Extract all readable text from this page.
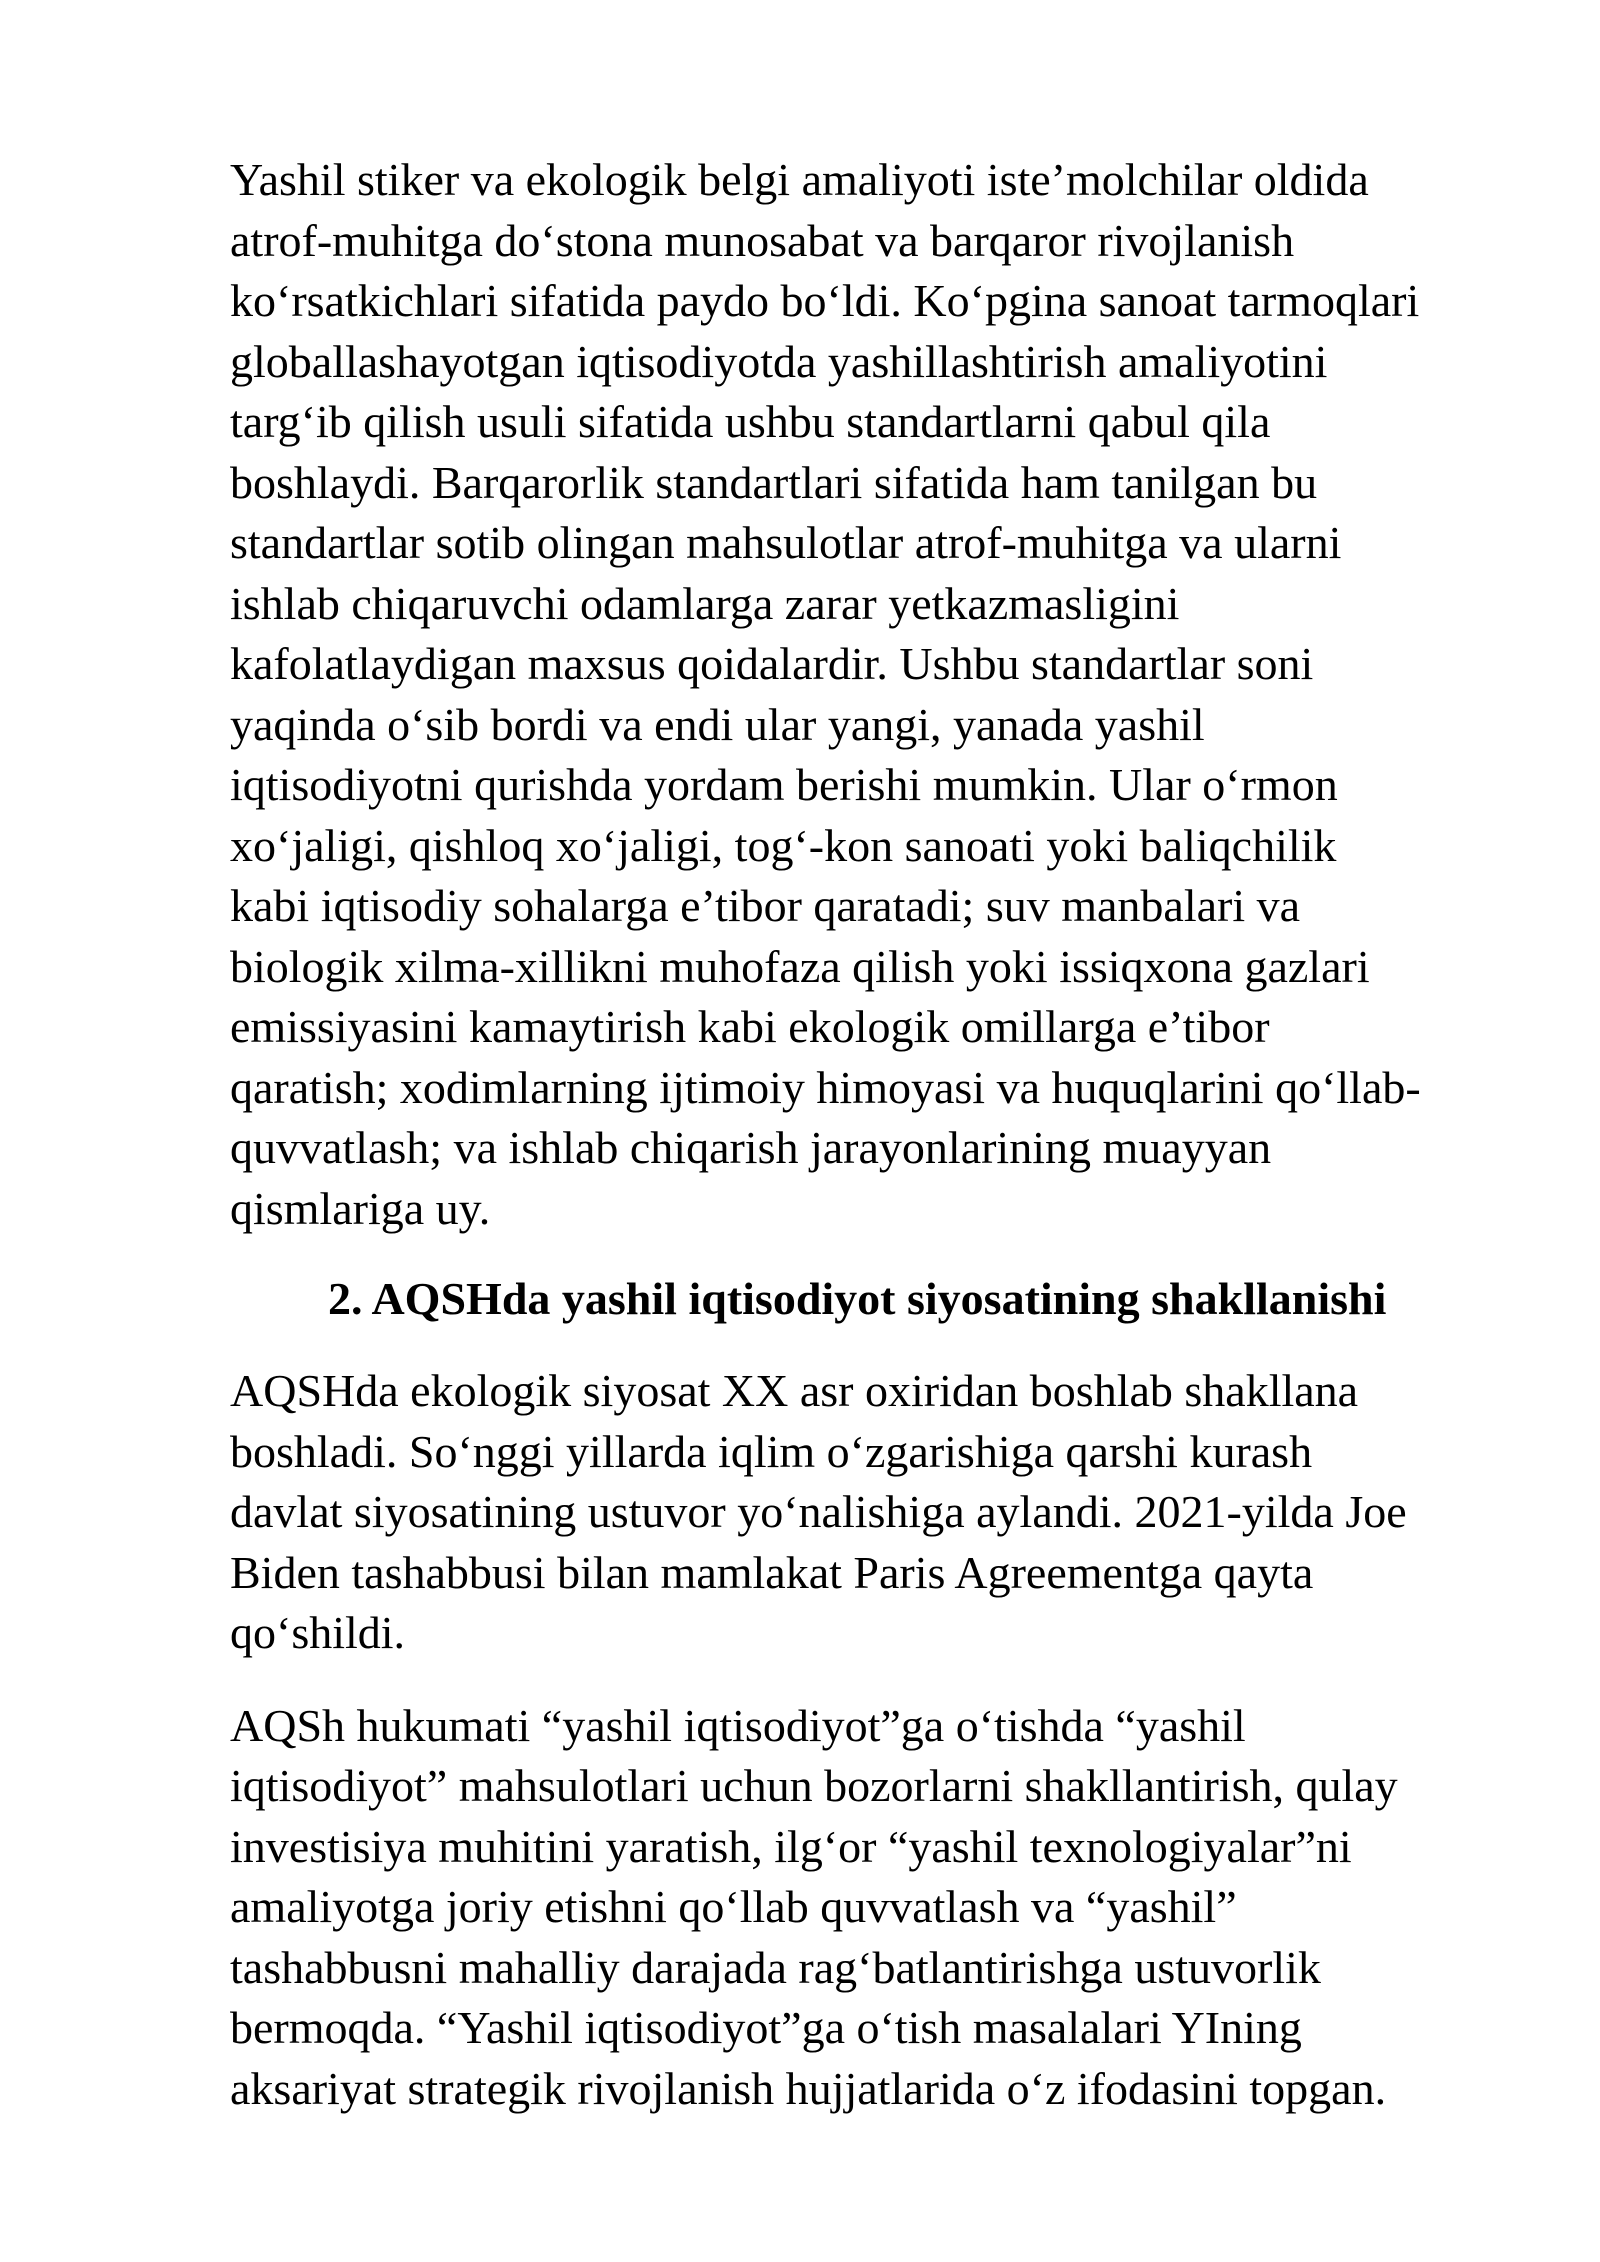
Yashil stiker va ekologik belgi amaliyoti iste’molchilar oldida
atrof-muhitga do‘stona munosabat va barqaror rivojlanish
ko‘rsatkichlari sifatida paydo bo‘ldi. Ko‘pgina sanoat tarmoqlari
globallashayotgan iqtisodiyotda yashillashtirish amaliyotini
targ‘ib qilish usuli sifatida ushbu standartlarni qabul qila
boshlaydi. Barqarorlik standartlari sifatida ham tanilgan bu
standartlar sotib olingan mahsulotlar atrof-muhitga va ularni
ishlab chiqaruvchi odamlarga zarar yetkazmasligini
kafolatlaydigan maxsus qoidalardir. Ushbu standartlar soni
yaqinda o‘sib bordi va endi ular yangi, yanada yashil
iqtisodiyotni qurishda yordam berishi mumkin. Ular o‘rmon
xo‘jaligi, qishloq xo‘jaligi, tog‘-kon sanoati yoki baliqchilik
kabi iqtisodiy sohalarga e’tibor qaratadi; suv manbalari va
biologik xilma-xillikni muhofaza qilish yoki issiqxona gazlari
emissiyasini kamaytirish kabi ekologik omillarga e’tibor
qaratish; xodimlarning ijtimoiy himoyasi va huquqlarini qo‘llab-
quvvatlash; va ishlab chiqarish jarayonlarining muayyan
qismlariga uy.

2. AQSHda yashil iqtisodiyot siyosatining shakllanishi

AQSHda ekologik siyosat XX asr oxiridan boshlab shakllana
boshladi. So‘nggi yillarda iqlim o‘zgarishiga qarshi kurash
davlat siyosatining ustuvor yo‘nalishiga aylandi. 2021-yilda Joe
Biden tashabbusi bilan mamlakat Paris Agreementga qayta
qo‘shildi.

AQSh hukumati “yashil iqtisodiyot”ga o‘tishda “yashil
iqtisodiyot” mahsulotlari uchun bozorlarni shakllantirish, qulay
investisiya muhitini yaratish, ilg‘or “yashil texnologiyalar”ni
amaliyotga joriy etishni qo‘llab quvvatlash va “yashil”
tashabbusni mahalliy darajada rag‘batlantirishga ustuvorlik
bermoqda. “Yashil iqtisodiyot”ga o‘tish masalalari YIning
aksariyat strategik rivojlanish hujjatlarida o‘z ifodasini topgan.
